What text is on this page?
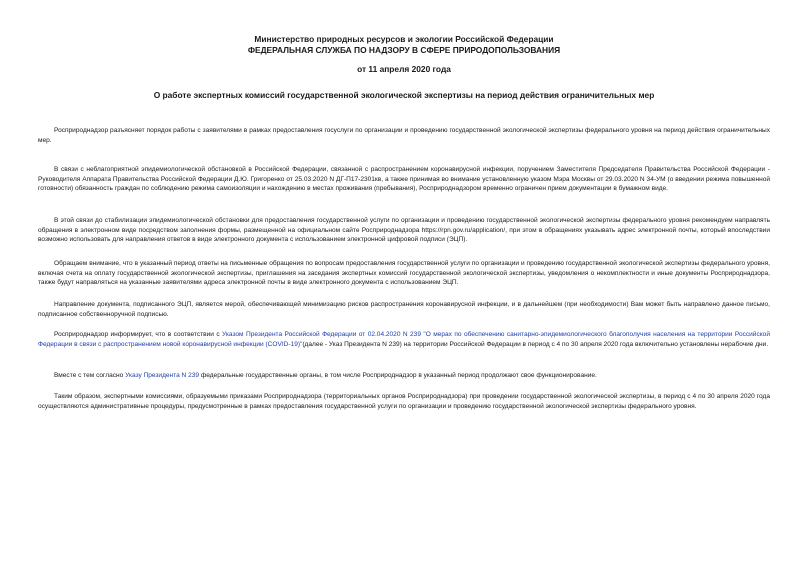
Министерство природных ресурсов и экологии Российской Федерации

ФЕДЕРАЛЬНАЯ СЛУЖБА ПО НАДЗОРУ В СФЕРЕ ПРИРОДОПОЛЬЗОВАНИЯ

от 11 апреля 2020 года

О работе экспертных комиссий государственной экологической экспертизы на период действия ограничительных мер

Росприроднадзор разъясняет порядок работы с заявителями в рамках предоставления госуслуги по организации и проведению государственной экологической экспертизы федерального уровня на период действия ограничительных мер.

В связи с неблагоприятной эпидемиологической обстановкой в Российской Федерации, связанной с распространением коронавирусной инфекции, поручением Заместителя Председателя Правительства Российской Федерации - Руководителя Аппарата Правительства Российской Федерации Д.Ю. Григоренко от 25.03.2020 N ДГ-П17-2301кв, а также принимая во внимание установленную указом Мэра Москвы от 29.03.2020 N 34-УМ (о введении режима повышенной готовности) обязанность граждан по соблюдению режима самоизоляции и нахождению в местах проживания (пребывания), Росприроднадзором временно ограничен прием документации в бумажном виде.

В этой связи до стабилизации эпидемиологической обстановки для предоставления государственной услуги по организации и проведению государственной экологической экспертизы федерального уровня рекомендуем направлять обращения в электронном виде посредством заполнения формы, размещенной на официальном сайте Росприроднадзора https://rpn.gov.ru/application/, при этом в обращениях указывать адрес электронной почты, который впоследствии возможно использовать для направления ответов в виде электронного документа с использованием электронной цифровой подписи (ЭЦП).

Обращаем внимание, что в указанный период ответы на письменные обращения по вопросам предоставления государственной услуги по организации и проведению государственной экологической экспертизы федерального уровня, включая счета на оплату государственной экологической экспертизы, приглашения на заседания экспертных комиссий государственной экологической экспертизы, уведомления о некомплектности и иные документы Росприроднадзора, также будут направляться на указанные заявителями адреса электронной почты в виде электронного документа с использованием ЭЦП.

Направление документа, подписанного ЭЦП, является мерой, обеспечивающей минимизацию рисков распространения коронавирусной инфекции, и в дальнейшем (при необходимости) Вам может быть направлено данное письмо, подписанное собственноручной подписью.

Росприроднадзор информирует, что в соответствии с Указом Президента Российской Федерации от 02.04.2020 N 239 "О мерах по обеспечению санитарно-эпидемиологического благополучия населения на территории Российской Федерации в связи с распространением новой коронавирусной инфекции (COVID-19)"(далее - Указ Президента N 239) на территории Российской Федерации в период с 4 по 30 апреля 2020 года включительно установлены нерабочие дни.

Вместе с тем согласно Указу Президента N 239 федеральные государственные органы, в том числе Росприроднадзор в указанный период продолжают свое функционирование.

Таким образом, экспертными комиссиями, образуемыми приказами Росприроднадзора (территориальных органов Росприроднадзора) при проведении государственной экологической экспертизы, в период с 4 по 30 апреля 2020 года осуществляются административные процедуры, предусмотренные в рамках предоставления государственной услуги по организации и проведению государственной экологической экспертизы федерального уровня.
